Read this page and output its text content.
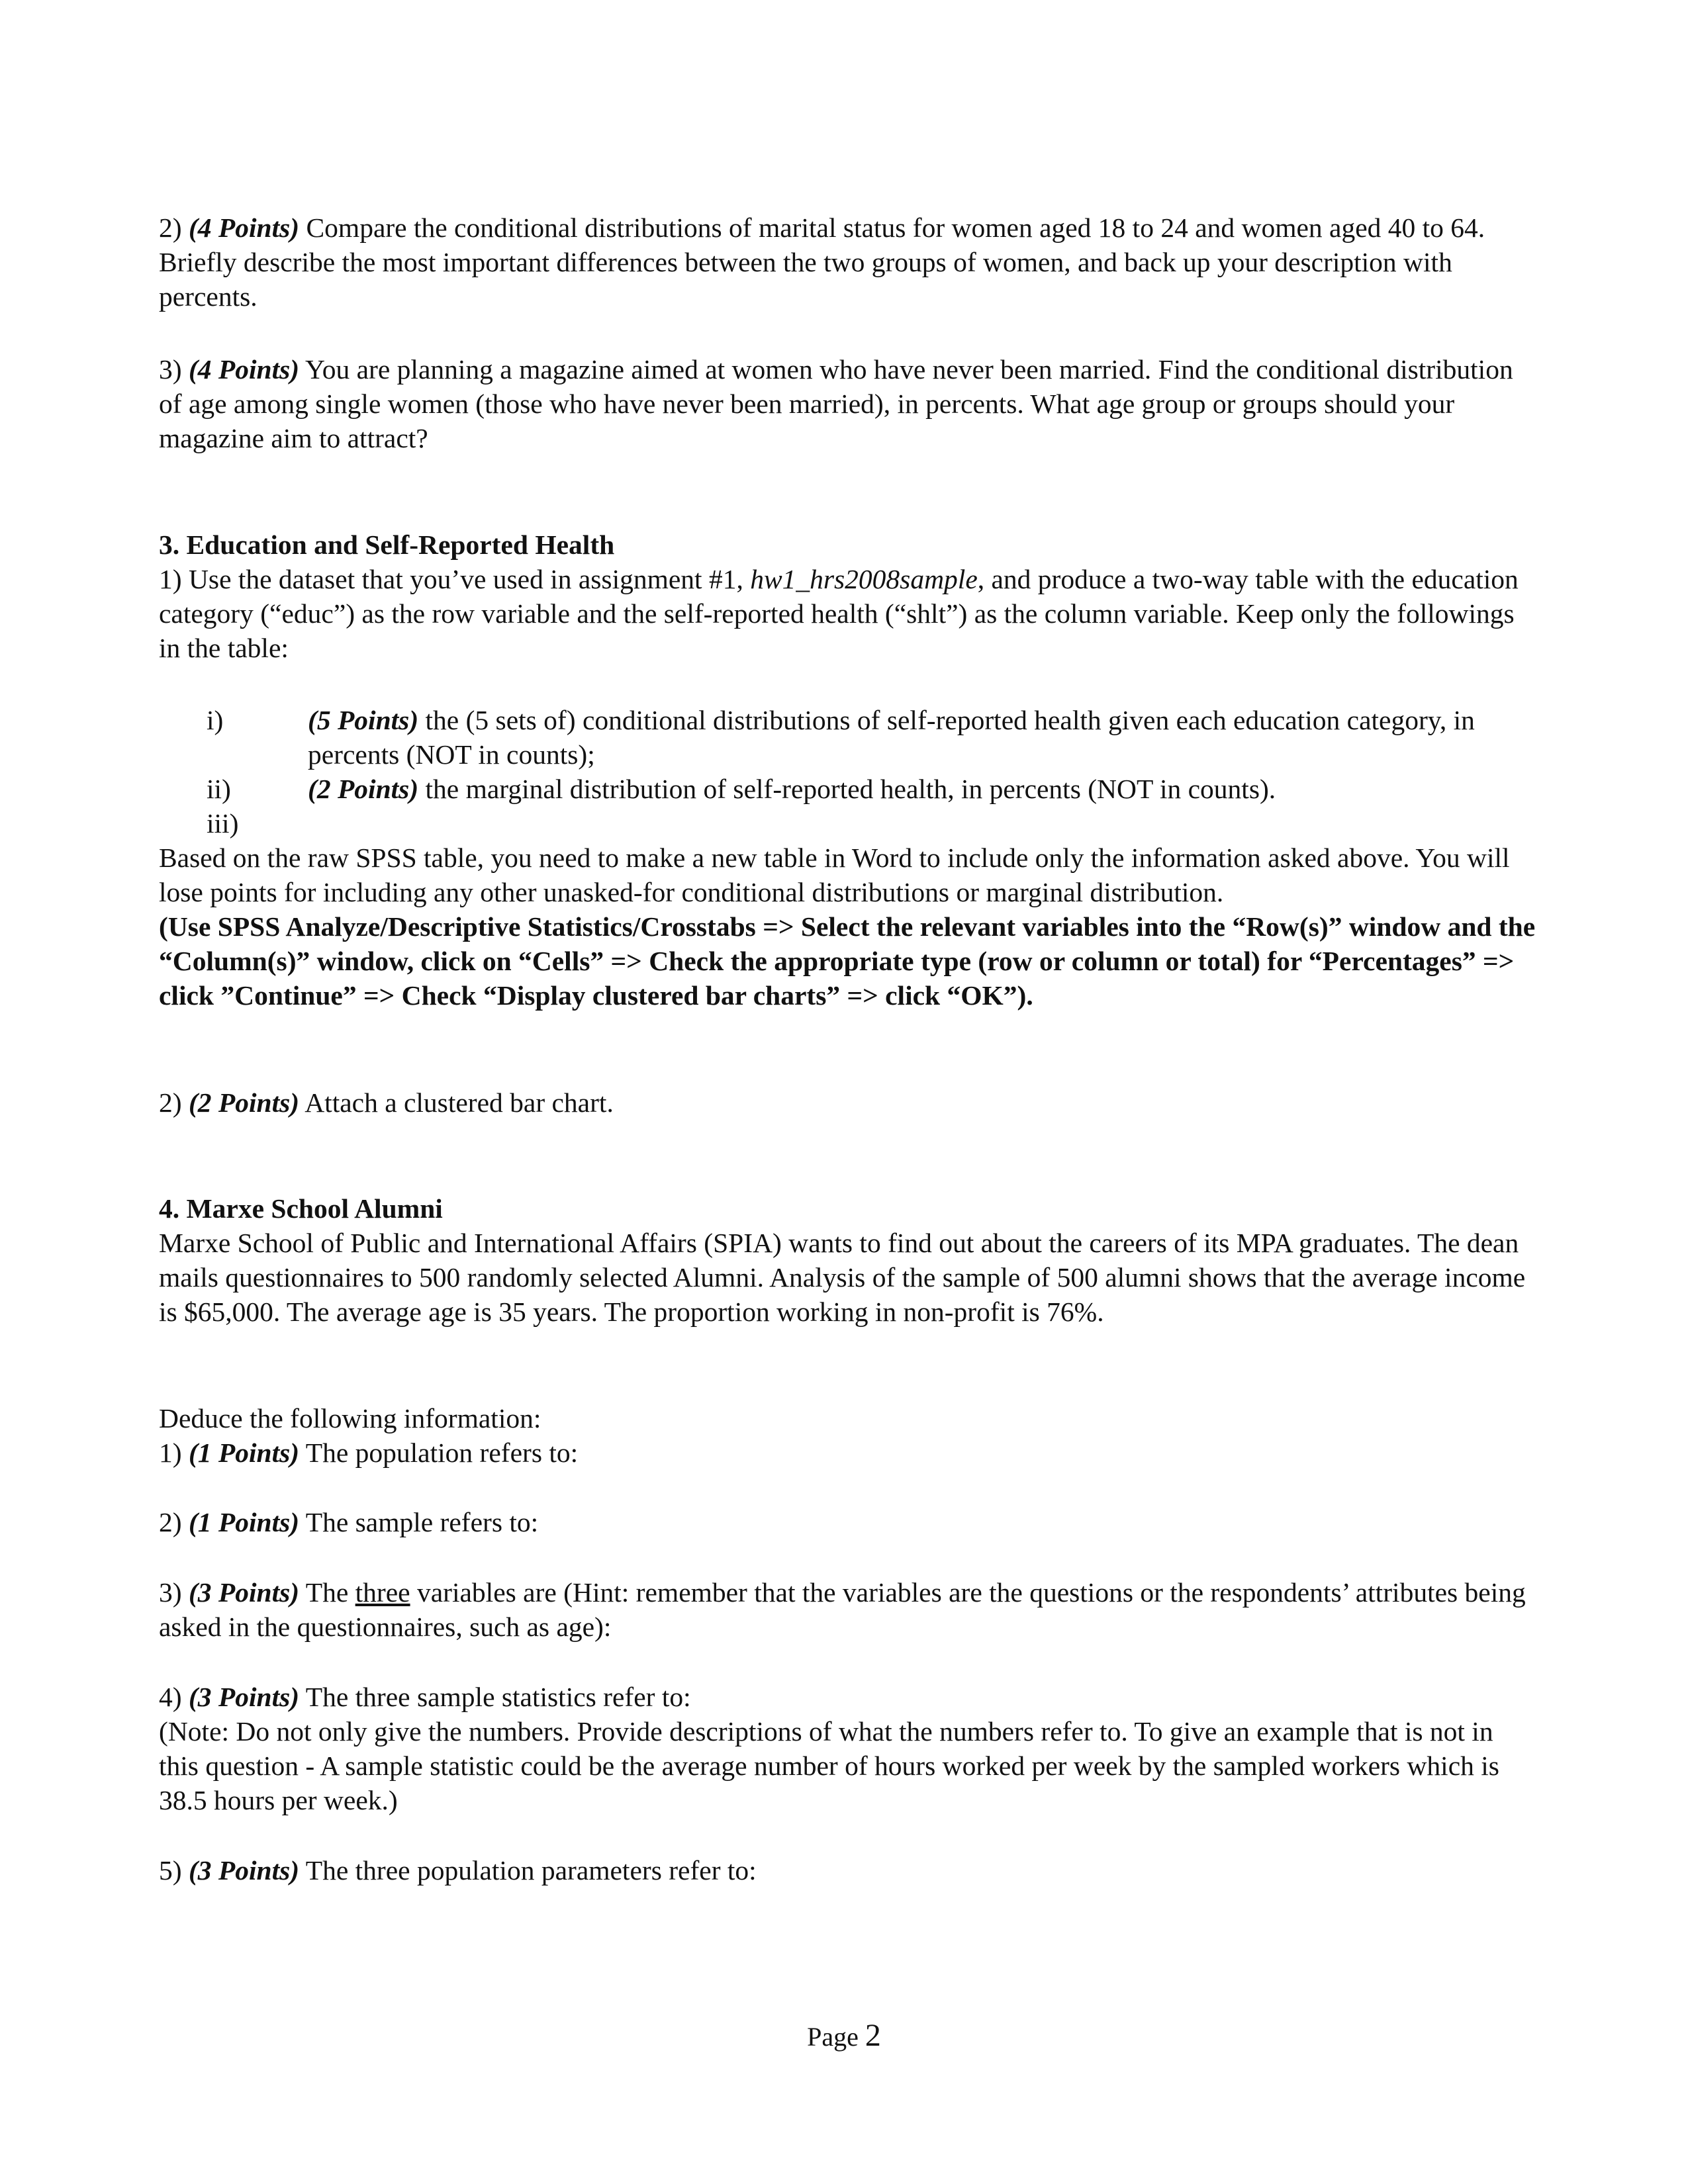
2) (4 Points) Compare the conditional distributions of marital status for women aged 18 to 24 and women aged 40 to 64. Briefly describe the most important differences between the two groups of women, and back up your description with percents.

3) (4 Points) You are planning a magazine aimed at women who have never been married. Find the conditional distribution of age among single women (those who have never been married), in percents. What age group or groups should your magazine aim to attract?

3. Education and Self-Reported Health

1) Use the dataset that you’ve used in assignment #1, hw1_hrs2008sample, and produce a two-way table with the education category (“educ”) as the row variable and the self-reported health (“shlt”) as the column variable. Keep only the followings in the table:

i)	(5 Points) the (5 sets of) conditional distributions of self-reported health given each education category, in percents (NOT in counts);
ii)	(2 Points) the marginal distribution of self-reported health, in percents (NOT in counts).
iii)

Based on the raw SPSS table, you need to make a new table in Word to include only the information asked above. You will lose points for including any other unasked-for conditional distributions or marginal distribution.

(Use SPSS Analyze/Descriptive Statistics/Crosstabs => Select the relevant variables into the “Row(s)” window and the “Column(s)” window, click on “Cells” => Check the appropriate type (row or column or total) for “Percentages” => click ”Continue” => Check “Display clustered bar charts” => click “OK”).

2) (2 Points) Attach a clustered bar chart.

4. Marxe School Alumni
Marxe School of Public and International Affairs (SPIA) wants to find out about the careers of its MPA graduates. The dean mails questionnaires to 500 randomly selected Alumni. Analysis of the sample of 500 alumni shows that the average income is $65,000. The average age is 35 years. The proportion working in non-profit is 76%.
Deduce the following information:

1) (1 Points) The population refers to:

2) (1 Points) The sample refers to:

3) (3 Points) The three variables are (Hint: remember that the variables are the questions or the respondents’ attributes being asked in the questionnaires, such as age):

4) (3 Points) The three sample statistics refer to:

(Note: Do not only give the numbers. Provide descriptions of what the numbers refer to. To give an example that is not in this question - A sample statistic could be the average number of hours worked per week by the sampled workers which is 38.5 hours per week.)

5) (3 Points) The three population parameters refer to:

Page 2
